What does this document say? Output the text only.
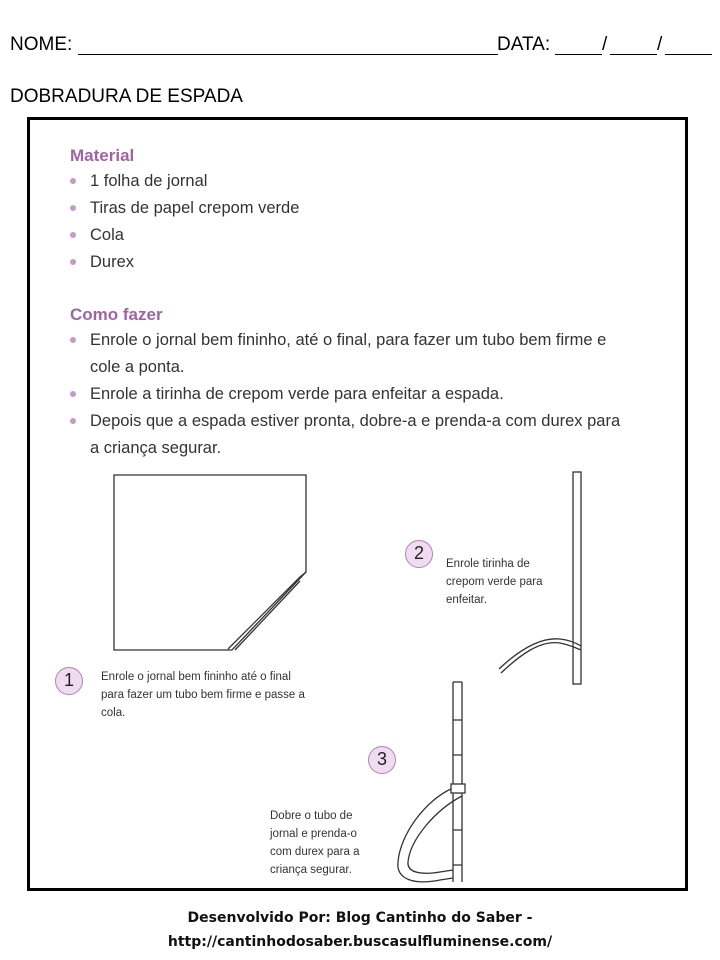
NOME:	DATA:	/	/
DOBRADURA DE ESPADA
Material
1 folha de jornal
Tiras de papel crepom verde
Cola
Durex
Como fazer
Enrole o jornal bem fininho, até o final, para fazer um tubo bem firme e
cole a ponta.
Enrole a tirinha de crepom verde para enfeitar a espada.
Depois que a espada estiver pronta, dobre-a e prenda-a com durex para
a criança segurar.
1	Enrole o jornal bem fininho até o final
para fazer um tubo bem firme e passe a
cola.
2
Enrole tirinha de
crepom verde para
enfeitar.
3
Dobre o tubo de
jornal e prenda-o
com durex para a
criança segurar.
Desenvolvido Por: Blog Cantinho do Saber -
http://cantinhodosaber.buscasulfluminense.com/
